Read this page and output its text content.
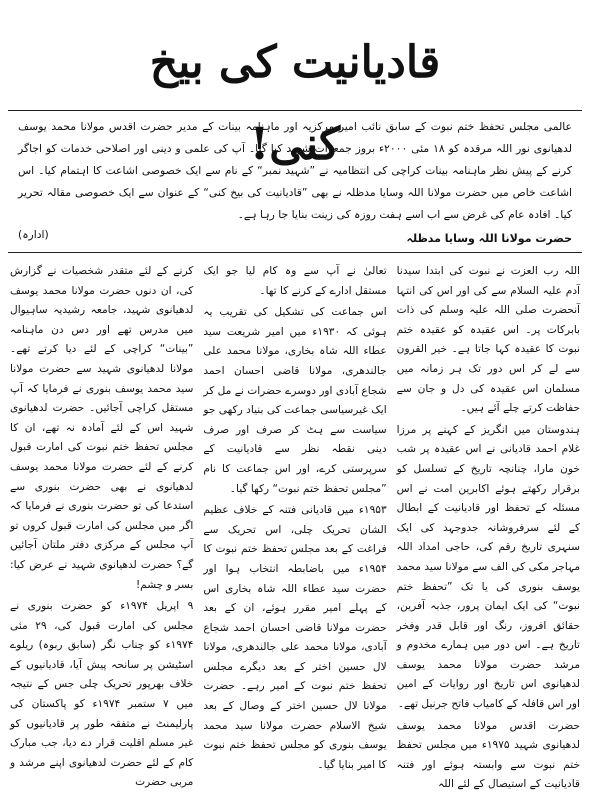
قادیانیت کی بیخ کنی!

عالمی مجلس تحفظ ختم نبوت کے سابق نائب امیر مرکزیہ اور ماہنامہ بینات کے مدیر حضرت اقدس مولانا محمد یوسف لدھیانوی نور اللہ مرقدہ کو ۱۸ مئی ۲۰۰۰ء بروز جمعرات شہید کیا گیا۔ آپ کی علمی و دینی اور اصلاحی خدمات کو اجاگر کرنے کے پیش نظر ماہنامہ بینات کراچی کی انتظامیہ نے ”شہید نمبر“ کے نام سے ایک خصوصی اشاعت کا اہتمام کیا۔ اس اشاعت خاص میں حضرت مولانا اللہ وسایا مدظلہ نے بھی ”قادیانیت کی بیخ کنی“ کے عنوان سے ایک خصوصی مقالہ تحریر کیا۔ افادہ عام کی غرض سے اب اسے ہفت روزہ کی زینت بنایا جا رہا ہے۔

(ادارہ)	حضرت مولانا اللہ وسایا مدظلہ

اللہ رب العزت نے نبوت کی ابتدا سیدنا آدم علیہ السلام سے کی اور اس کی انتہا آنحضرت صلی اللہ علیہ وسلم کی ذات بابرکات پر۔ اس عقیدہ کو عقیدہ ختم نبوت کا عقیدہ کہا جاتا ہے۔ خیر القرون سے لے کر اس دور تک ہر زمانہ میں مسلمان اس عقیدہ کی دل و جان سے حفاظت کرتے چلے آئے ہیں۔

ہندوستان میں انگریز کے کہنے پر مرزا غلام احمد قادیانی نے اس عقیدہ پر شب خون مارا، چنانچہ تاریخ کے تسلسل کو برقرار رکھتے ہوئے اکابرین امت نے اس مسئلہ کے تحفظ اور قادیانیت کے ابطال کے لئے سرفروشانہ جدوجہد کی ایک سنہری تاریخ رقم کی، حاجی امداد اللہ مہاجر مکی کی الف سے مولانا سید محمد یوسف بنوری کی یا تک ”تحفظ ختم نبوت“ کی ایک ایمان پرور، جذبہ آفرین، حقائق افروز، رنگ اور قابل قدر وفخر تاریخ ہے۔ اس دور میں ہمارے مخدوم و مرشد حضرت مولانا محمد یوسف لدھیانوی اس تاریخ اور روایات کے امین اور اس قافلہ کے کامیاب فاتح جرنیل تھے۔

حضرت اقدس مولانا محمد یوسف لدھیانوی شہید ۱۹۷۵ء میں مجلس تحفظ ختم نبوت سے وابستہ ہوئے اور فتنہ قادیانیت کے استیصال کے لئے اللہ

تعالیٰ نے آپ سے وہ کام لیا جو ایک مستقل ادارے کے کرنے کا تھا۔

اس جماعت کی تشکیل کی تقریب یہ ہوئی کہ ۱۹۳۰ء میں امیر شریعت سید عطاء اللہ شاہ بخاری، مولانا محمد علی جالندھری، مولانا قاضی احسان احمد شجاع آبادی اور دوسرے حضرات نے مل کر ایک غیرسیاسی جماعت کی بنیاد رکھی جو سیاست سے ہٹ کر صرف اور صرف دینی نقطہ نظر سے قادیانیت کے سرپرستی کرے، اور اس جماعت کا نام ”مجلس تحفظ ختم نبوت“ رکھا گیا۔

۱۹۵۳ء میں قادیانی فتنہ کے خلاف عظیم الشان تحریک چلی، اس تحریک سے فراغت کے بعد مجلس تحفظ ختم نبوت کا ۱۹۵۴ء میں باضابطہ انتخاب ہوا اور حضرت سید عطاء اللہ شاہ بخاری اس کے پہلے امیر مقرر ہوئے، ان کے بعد حضرت مولانا قاضی احسان احمد شجاع آبادی، مولانا محمد علی جالندھری، مولانا لال حسین اختر کے بعد دیگرے مجلس تحفظ ختم نبوت کے امیر رہے۔ حضرت مولانا لال حسین اختر کے وصال کے بعد شیخ الاسلام حضرت مولانا سید محمد یوسف بنوری کو مجلس تحفظ ختم نبوت کا امیر بنایا گیا۔

کرنے کے لئے متقدر شخصیات نے گزارش کی، ان دنوں حضرت مولانا محمد یوسف لدھیانوی شہید، جامعہ رشیدیہ ساہیوال میں مدرس تھے اور دس دن ماہنامہ ”بینات“ کراچی کے لئے دیا کرتے تھے۔ مولانا لدھیانوی شہید سے حضرت مولانا سید محمد یوسف بنوری نے فرمایا کہ آپ مستقل کراچی آجائیں۔ حضرت لدھیانوی شہید اس کے لئے آمادہ نہ تھے، ان کا مجلس تحفظ ختم نبوت کی امارت قبول کرنے کے لئے حضرت مولانا محمد یوسف لدھیانوی نے بھی حضرت بنوری سے استدعا کی تو حضرت بنوری نے فرمایا کہ اگر میں مجلس کی امارت قبول کروں تو آپ مجلس کے مرکزی دفتر ملتان آجائیں گے؟ حضرت لدھیانوی شہید نے عرض کیا: بسر و چشم!

۹ اپریل ۱۹۷۴ء کو حضرت بنوری نے مجلس کی امارت قبول کی، ۲۹ مئی ۱۹۷۴ء کو چناب نگر (سابق ربوہ) ریلوے اسٹیشن پر سانحہ پیش آیا، قادیانیوں کے خلاف بھرپور تحریک چلی جس کے نتیجہ میں ۷ ستمبر ۱۹۷۴ء کو پاکستان کی پارلیمنٹ نے متفقہ طور پر قادیانیوں کو غیر مسلم اقلیت قرار دے دیا، جب مبارک کام کے لئے حضرت لدھیانوی اپنے مرشد و مربی حضرت
